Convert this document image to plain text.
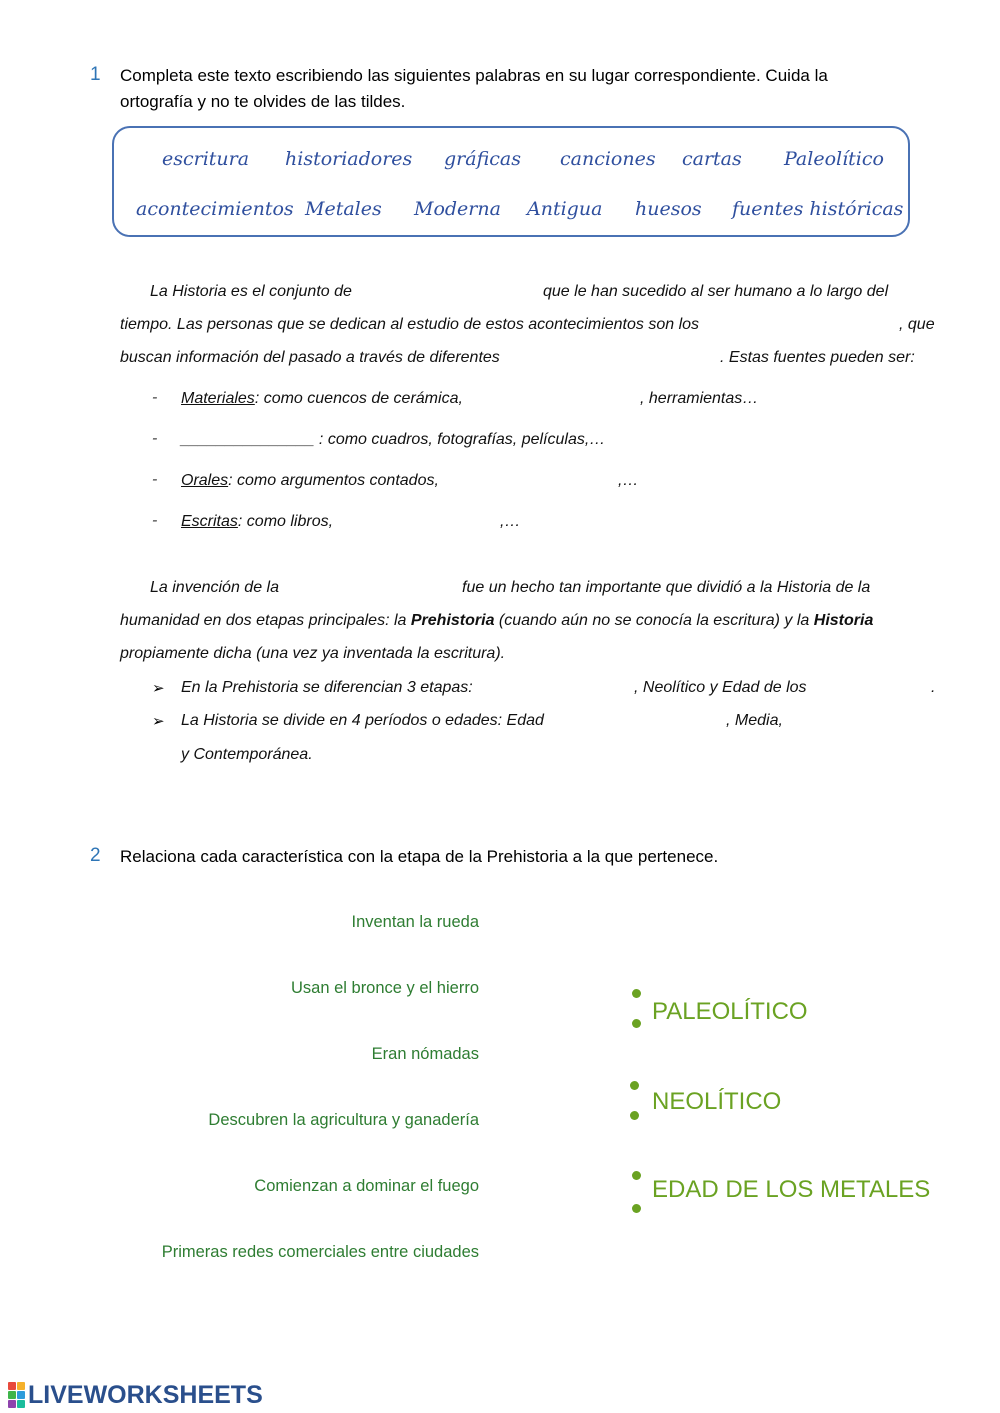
1 Completa este texto escribiendo las siguientes palabras en su lugar correspondiente. Cuida la
ortografía y no te olvides de las tildes.
escritura historiadores gráficas canciones cartas Paleolítico
acontecimientos Metales Moderna Antigua huesos fuentes históricas
La Historia es el conjunto de	que le han sucedido al ser humano a lo largo del
tiempo. Las personas que se dedican al estudio de estos acontecimientos son los	, que
buscan información del pasado a través de diferentes	. Estas fuentes pueden ser:
- Materiales: como cuencos de cerámica,	, herramientas…
- _______________ : como cuadros, fotografías, películas,…
- Orales: como argumentos contados,	,…
- Escritas: como libros,	,…
La invención de la	fue un hecho tan importante que dividió a la Historia de la
humanidad en dos etapas principales: la Prehistoria (cuando aún no se conocía la escritura) y la Historia
propiamente dicha (una vez ya inventada la escritura).
➢ En la Prehistoria se diferencian 3 etapas:	, Neolítico y Edad de los	.
➢ La Historia se divide en 4 períodos o edades: Edad	, Media,
y Contemporánea.
2 Relaciona cada característica con la etapa de la Prehistoria a la que pertenece.
Inventan la rueda
Usan el bronce y el hierro
Eran nómadas
Descubren la agricultura y ganadería
Comienzan a dominar el fuego
Primeras redes comerciales entre ciudades
PALEOLÍTICO
NEOLÍTICO
EDAD DE LOS METALES
LIVEWORKSHEETS
